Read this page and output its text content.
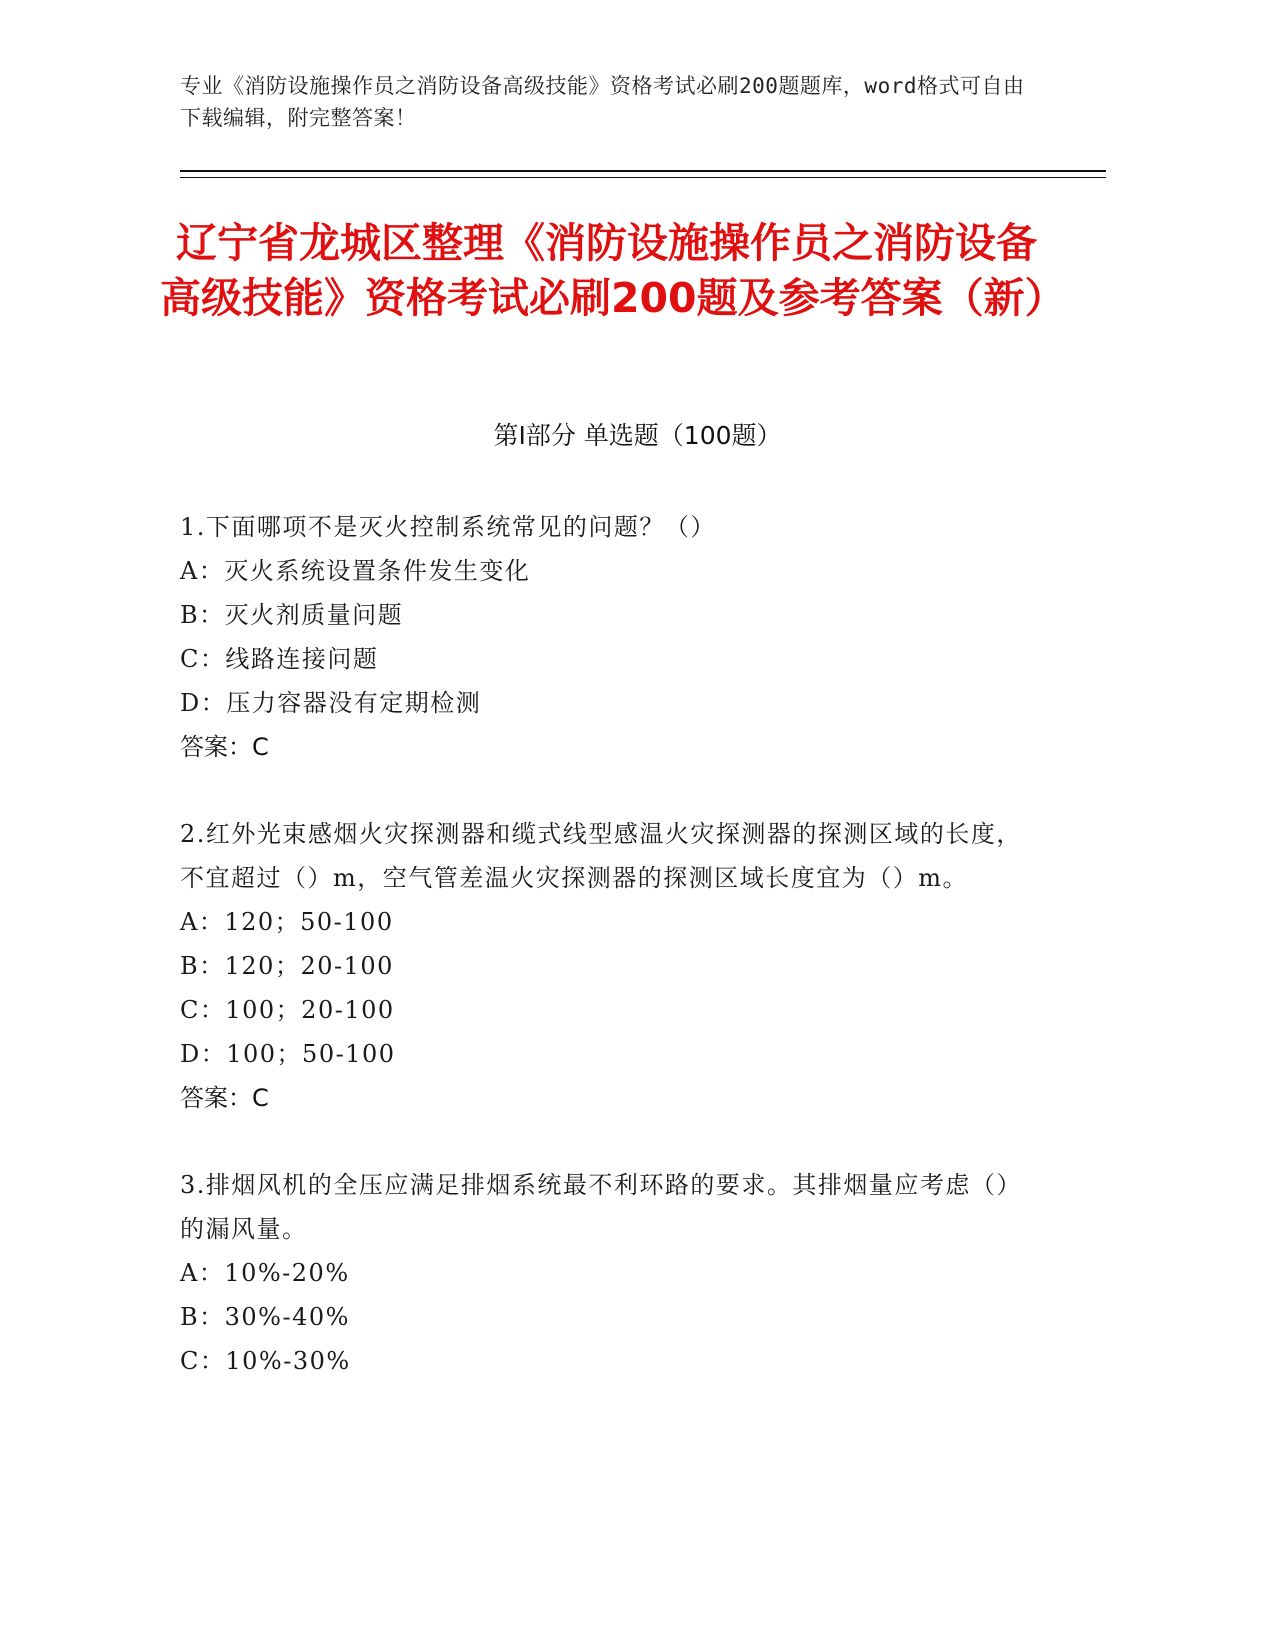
专业《消防设施操作员之消防设备高级技能》资格考试必刷200题题库，word格式可自由下载编辑，附完整答案！
辽宁省龙城区整理《消防设施操作员之消防设备高级技能》资格考试必刷200题及参考答案（新）
第Ⅰ部分 单选题（100题）
1.下面哪项不是灭火控制系统常见的问题？（）
A：灭火系统设置条件发生变化
B：灭火剂质量问题
C：线路连接问题
D：压力容器没有定期检测
答案：C
2.红外光束感烟火灾探测器和缆式线型感温火灾探测器的探测区域的长度，不宜超过（）m，空气管差温火灾探测器的探测区域长度宜为（）m。
A：120；50-100
B：120；20-100
C：100；20-100
D：100；50-100
答案：C
3.排烟风机的全压应满足排烟系统最不利环路的要求。其排烟量应考虑（）的漏风量。
A：10%-20%
B：30%-40%
C：10%-30%
